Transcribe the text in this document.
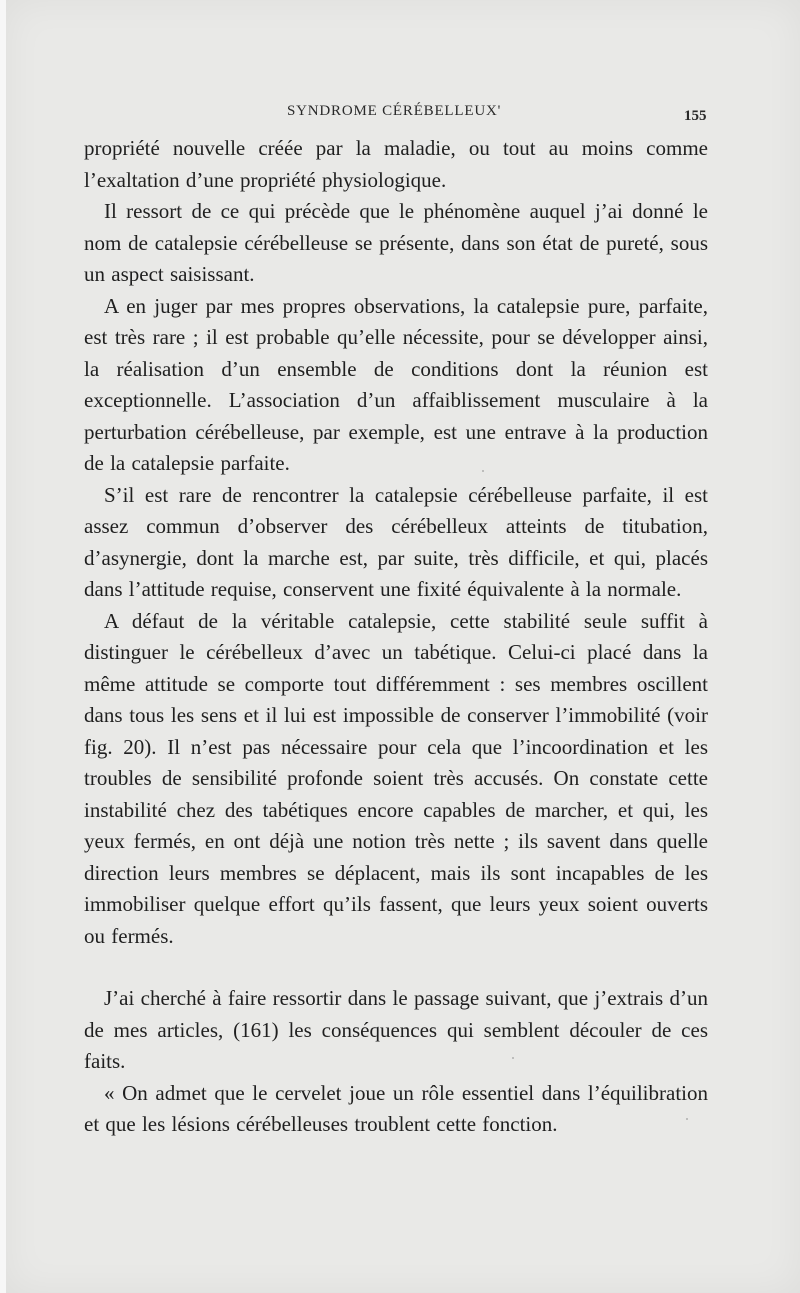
SYNDROME CÉRÉBELLEUX'	155

propriété nouvelle créée par la maladie, ou tout au moins comme l’exaltation d’une propriété physiologique.

Il ressort de ce qui précède que le phénomène auquel j’ai donné le nom de catalepsie cérébelleuse se présente, dans son état de pureté, sous un aspect saisissant.

A en juger par mes propres observations, la catalepsie pure, parfaite, est très rare ; il est probable qu’elle nécessite, pour se développer ainsi, la réalisation d’un ensemble de conditions dont la réunion est exceptionnelle. L’association d’un affaiblissement musculaire à la perturbation cérébelleuse, par exemple, est une entrave à la production de la catalepsie parfaite.

S’il est rare de rencontrer la catalepsie cérébelleuse parfaite, il est assez commun d’observer des cérébelleux atteints de titubation, d’asynergie, dont la marche est, par suite, très difficile, et qui, placés dans l’attitude requise, conservent une fixité équivalente à la normale.

A défaut de la véritable catalepsie, cette stabilité seule suffit à distinguer le cérébelleux d’avec un tabétique. Celui-ci placé dans la même attitude se comporte tout différemment : ses membres oscillent dans tous les sens et il lui est impossible de conserver l’immobilité (voir fig. 20). Il n’est pas nécessaire pour cela que l’incoordination et les troubles de sensibilité profonde soient très accusés. On constate cette instabilité chez des tabétiques encore capables de marcher, et qui, les yeux fermés, en ont déjà une notion très nette ; ils savent dans quelle direction leurs membres se déplacent, mais ils sont incapables de les immobiliser quelque effort qu’ils fassent, que leurs yeux soient ouverts ou fermés.

J’ai cherché à faire ressortir dans le passage suivant, que j’extrais d’un de mes articles, (161) les conséquences qui semblent découler de ces faits.

« On admet que le cervelet joue un rôle essentiel dans l’équilibration et que les lésions cérébelleuses troublent cette fonction.
